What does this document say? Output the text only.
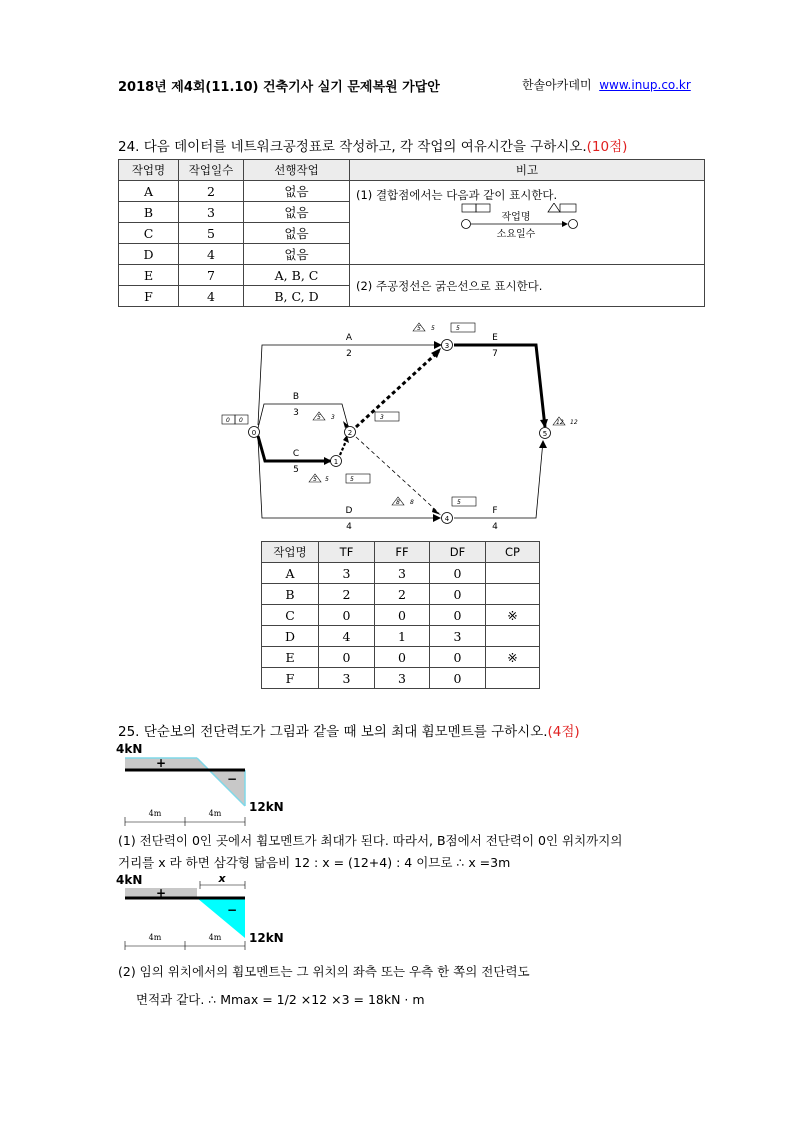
2018년 제4회(11.10) 건축기사 실기 문제복원 가답안	한솔아카데미 www.inup.co.kr
24. 다음 데이터를 네트워크공정표로 작성하고, 각 작업의 여유시간을 구하시오.(10점)
작업명	작업일수	선행작업	비고
A	2	없음	(1) 결합점에서는 다음과 같이 표시한다.
작업명
소요일수

B	3	없음	
C	5	없음	
D	4	없음	
E	7	A, B, C	(2) 주공정선은 굵은선으로 표시한다.
F	4	B, C, D	
0
1
2
3
4
5
A
2
B
3
C
5
D
4
E
7
F
4
0 0
5 5	5
5 3	3
5 5	5
8 8	5
12 12
작업명	TF	FF	DF	CP
A	3	3	0	
B	2	2	0	
C	0	0	0	※
D	4	1	3	
E	0	0	0	※
F	3	3	0	
25. 단순보의 전단력도가 그림과 같을 때 보의 최대 휨모멘트를 구하시오.(4점)
4kN
12kN
+
−
4m	4m
(1) 전단력이 0인 곳에서 휨모멘트가 최대가 된다. 따라서, B점에서 전단력이 0인 위치까지의
거리를 x 라 하면 삼각형 닮음비 12 : x = (12+4) : 4 이므로 ∴ x =3m
4kN
12kN
+
−
x
4m	4m
(2) 임의 위치에서의 휨모멘트는 그 위치의 좌측 또는 우측 한 쪽의 전단력도
면적과 같다. ∴ Mmax = 1/2 ×12 ×3 = 18kN · m
